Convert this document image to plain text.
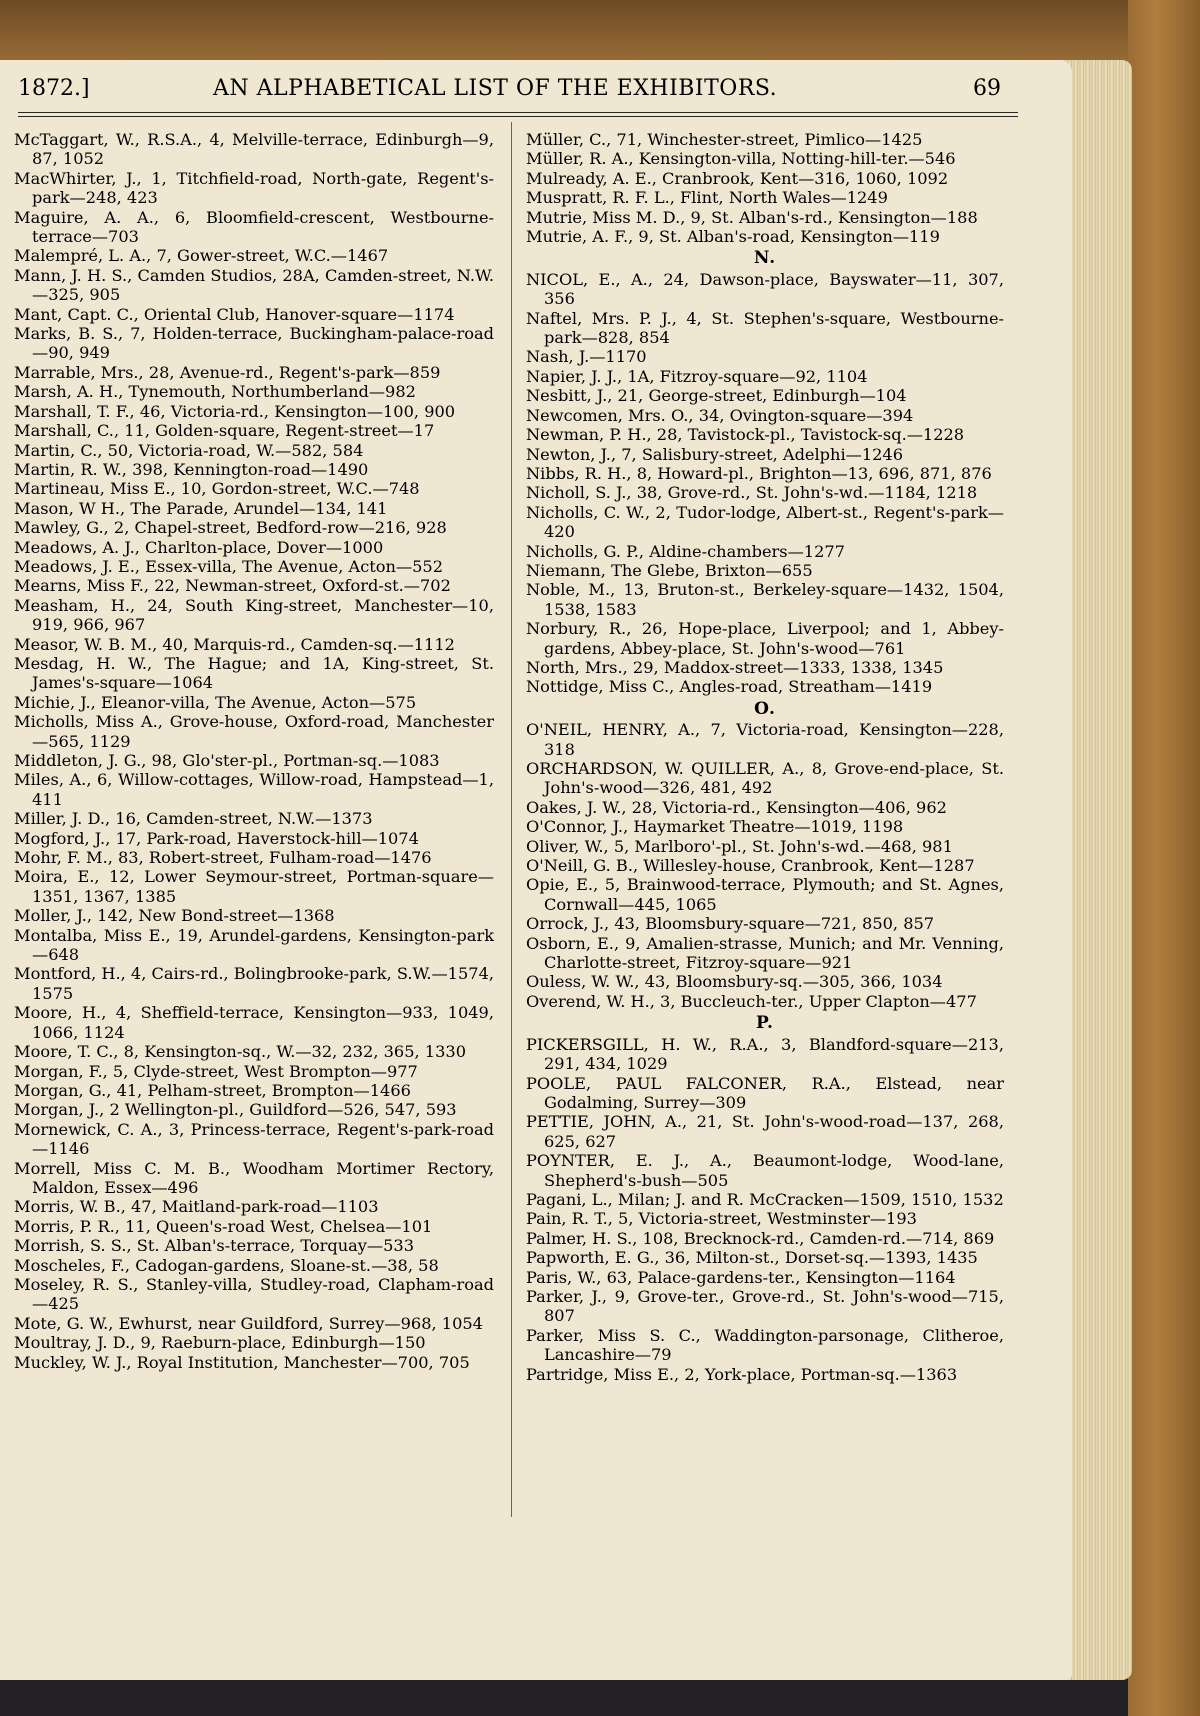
1872.]	AN ALPHABETICAL LIST OF THE EXHIBITORS.	69
McTaggart, W., R.S.A., 4, Melville-terrace, Edinburgh—9, 87, 1052
MacWhirter, J., 1, Titchfield-road, North-gate, Regent's-park—248, 423
Maguire, A. A., 6, Bloomfield-crescent, Westbourne-terrace—703
Malempré, L. A., 7, Gower-street, W.C.—1467
Mann, J. H. S., Camden Studios, 28A, Camden-street, N.W.—325, 905
Mant, Capt. C., Oriental Club, Hanover-square—1174
Marks, B. S., 7, Holden-terrace, Buckingham-palace-road—90, 949
Marrable, Mrs., 28, Avenue-rd., Regent's-park—859
Marsh, A. H., Tynemouth, Northumberland—982
Marshall, T. F., 46, Victoria-rd., Kensington—100, 900
Marshall, C., 11, Golden-square, Regent-street—17
Martin, C., 50, Victoria-road, W.—582, 584
Martin, R. W., 398, Kennington-road—1490
Martineau, Miss E., 10, Gordon-street, W.C.—748
Mason, W H., The Parade, Arundel—134, 141
Mawley, G., 2, Chapel-street, Bedford-row—216, 928
Meadows, A. J., Charlton-place, Dover—1000
Meadows, J. E., Essex-villa, The Avenue, Acton—552
Mearns, Miss F., 22, Newman-street, Oxford-st.—702
Measham, H., 24, South King-street, Manchester—10, 919, 966, 967
Measor, W. B. M., 40, Marquis-rd., Camden-sq.—1112
Mesdag, H. W., The Hague; and 1A, King-street, St. James's-square—1064
Michie, J., Eleanor-villa, The Avenue, Acton—575
Micholls, Miss A., Grove-house, Oxford-road, Manchester—565, 1129
Middleton, J. G., 98, Glo'ster-pl., Portman-sq.—1083
Miles, A., 6, Willow-cottages, Willow-road, Hampstead—1, 411
Miller, J. D., 16, Camden-street, N.W.—1373
Mogford, J., 17, Park-road, Haverstock-hill—1074
Mohr, F. M., 83, Robert-street, Fulham-road—1476
Moira, E., 12, Lower Seymour-street, Portman-square—1351, 1367, 1385
Moller, J., 142, New Bond-street—1368
Montalba, Miss E., 19, Arundel-gardens, Kensington-park—648
Montford, H., 4, Cairs-rd., Bolingbrooke-park, S.W.—1574, 1575
Moore, H., 4, Sheffield-terrace, Kensington—933, 1049, 1066, 1124
Moore, T. C., 8, Kensington-sq., W.—32, 232, 365, 1330
Morgan, F., 5, Clyde-street, West Brompton—977
Morgan, G., 41, Pelham-street, Brompton—1466
Morgan, J., 2 Wellington-pl., Guildford—526, 547, 593
Mornewick, C. A., 3, Princess-terrace, Regent's-park-road—1146
Morrell, Miss C. M. B., Woodham Mortimer Rectory, Maldon, Essex—496
Morris, W. B., 47, Maitland-park-road—1103
Morris, P. R., 11, Queen's-road West, Chelsea—101
Morrish, S. S., St. Alban's-terrace, Torquay—533
Moscheles, F., Cadogan-gardens, Sloane-st.—38, 58
Moseley, R. S., Stanley-villa, Studley-road, Clapham-road—425
Mote, G. W., Ewhurst, near Guildford, Surrey—968, 1054
Moultray, J. D., 9, Raeburn-place, Edinburgh—150
Muckley, W. J., Royal Institution, Manchester—700, 705
Müller, C., 71, Winchester-street, Pimlico—1425
Müller, R. A., Kensington-villa, Notting-hill-ter.—546
Mulready, A. E., Cranbrook, Kent—316, 1060, 1092
Muspratt, R. F. L., Flint, North Wales—1249
Mutrie, Miss M. D., 9, St. Alban's-rd., Kensington—188
Mutrie, A. F., 9, St. Alban's-road, Kensington—119
N.
NICOL, E., A., 24, Dawson-place, Bayswater—11, 307, 356
Naftel, Mrs. P. J., 4, St. Stephen's-square, Westbourne-park—828, 854
Nash, J.—1170
Napier, J. J., 1A, Fitzroy-square—92, 1104
Nesbitt, J., 21, George-street, Edinburgh—104
Newcomen, Mrs. O., 34, Ovington-square—394
Newman, P. H., 28, Tavistock-pl., Tavistock-sq.—1228
Newton, J., 7, Salisbury-street, Adelphi—1246
Nibbs, R. H., 8, Howard-pl., Brighton—13, 696, 871, 876
Nicholl, S. J., 38, Grove-rd., St. John's-wd.—1184, 1218
Nicholls, C. W., 2, Tudor-lodge, Albert-st., Regent's-park—420
Nicholls, G. P., Aldine-chambers—1277
Niemann, The Glebe, Brixton—655
Noble, M., 13, Bruton-st., Berkeley-square—1432, 1504, 1538, 1583
Norbury, R., 26, Hope-place, Liverpool; and 1, Abbey-gardens, Abbey-place, St. John's-wood—761
North, Mrs., 29, Maddox-street—1333, 1338, 1345
Nottidge, Miss C., Angles-road, Streatham—1419
O.
O'NEIL, HENRY, A., 7, Victoria-road, Kensington—228, 318
ORCHARDSON, W. QUILLER, A., 8, Grove-end-place, St. John's-wood—326, 481, 492
Oakes, J. W., 28, Victoria-rd., Kensington—406, 962
O'Connor, J., Haymarket Theatre—1019, 1198
Oliver, W., 5, Marlboro'-pl., St. John's-wd.—468, 981
O'Neill, G. B., Willesley-house, Cranbrook, Kent—1287
Opie, E., 5, Brainwood-terrace, Plymouth; and St. Agnes, Cornwall—445, 1065
Orrock, J., 43, Bloomsbury-square—721, 850, 857
Osborn, E., 9, Amalien-strasse, Munich; and Mr. Venning, Charlotte-street, Fitzroy-square—921
Ouless, W. W., 43, Bloomsbury-sq.—305, 366, 1034
Overend, W. H., 3, Buccleuch-ter., Upper Clapton—477
P.
PICKERSGILL, H. W., R.A., 3, Blandford-square—213, 291, 434, 1029
POOLE, PAUL FALCONER, R.A., Elstead, near Godalming, Surrey—309
PETTIE, JOHN, A., 21, St. John's-wood-road—137, 268, 625, 627
POYNTER, E. J., A., Beaumont-lodge, Wood-lane, Shepherd's-bush—505
Pagani, L., Milan; J. and R. McCracken—1509, 1510, 1532
Pain, R. T., 5, Victoria-street, Westminster—193
Palmer, H. S., 108, Brecknock-rd., Camden-rd.—714, 869
Papworth, E. G., 36, Milton-st., Dorset-sq.—1393, 1435
Paris, W., 63, Palace-gardens-ter., Kensington—1164
Parker, J., 9, Grove-ter., Grove-rd., St. John's-wood—715, 807
Parker, Miss S. C., Waddington-parsonage, Clitheroe, Lancashire—79
Partridge, Miss E., 2, York-place, Portman-sq.—1363
